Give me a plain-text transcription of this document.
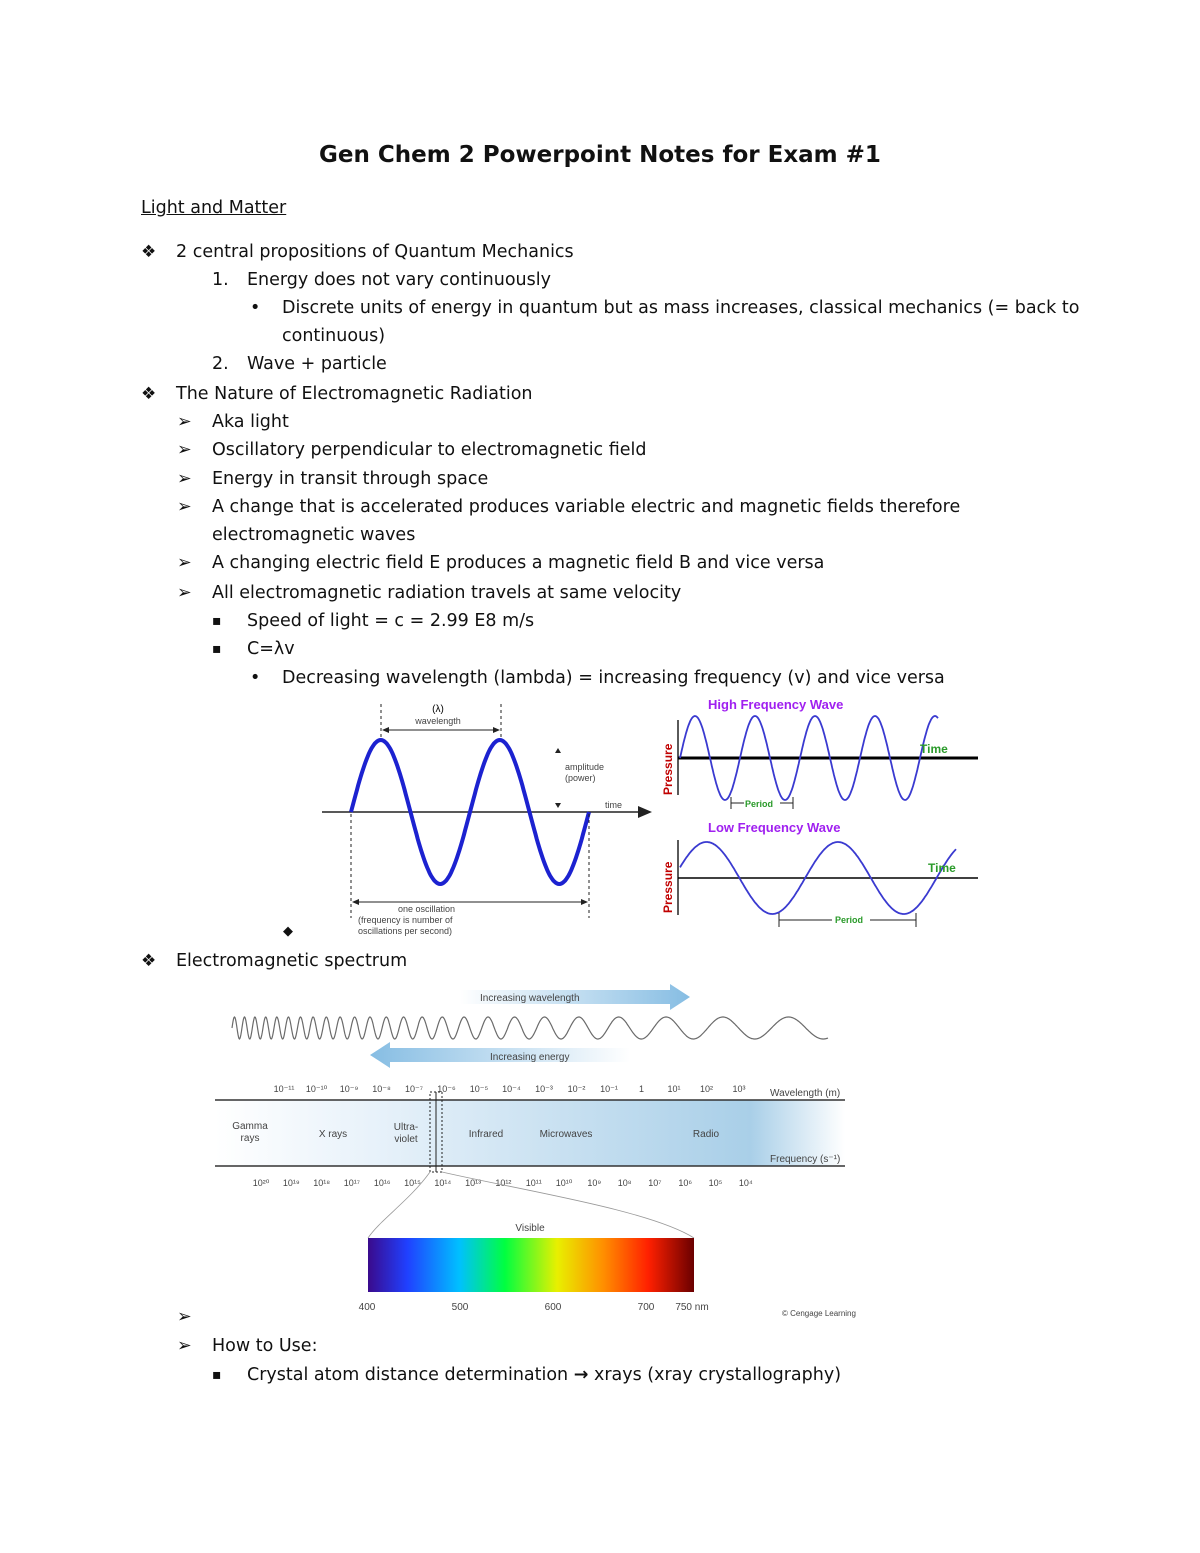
Gen Chem 2 Powerpoint Notes for Exam #1
Light and Matter
❖ 2 central propositions of Quantum Mechanics
1. Energy does not vary continuously
• Discrete units of energy in quantum but as mass increases, classical mechanics (= back to
continuous)
2. Wave + particle
❖ The Nature of Electromagnetic Radiation
➢ Aka light
➢ Oscillatory perpendicular to electromagnetic field
➢ Energy in transit through space
➢ A change that is accelerated produces variable electric and magnetic fields therefore
electromagnetic waves
➢ A changing electric field E produces a magnetic field B and vice versa
➢ All electromagnetic radiation travels at same velocity
▪ Speed of light = c = 2.99 E8 m/s
▪ C=λv
• Decreasing wavelength (lambda) = increasing frequency (v) and vice versa
(λ)
wavelength
amplitude
(power)
time
one oscillation
(frequency is number of
oscillations per second)
◆
High Frequency Wave
Pressure	Time
Period
Low Frequency Wave
Pressure	Time
Period
❖ Electromagnetic spectrum
Increasing wavelength
Increasing energy
10⁻¹¹ 10⁻¹⁰ 10⁻⁹ 10⁻⁸ 10⁻⁷ 10⁻⁶ 10⁻⁵ 10⁻⁴ 10⁻³ 10⁻² 10⁻¹ 1	10¹ 10² 10³ Wavelength (m)
Gamma
rays	X rays
Ultra-
violet	Infrared	Microwaves	Radio
Frequency (s⁻¹)
10²⁰ 10¹⁹ 10¹⁸ 10¹⁷ 10¹⁶ 10¹⁵ 10¹⁴ 10¹³ 10¹² 10¹¹ 10¹⁰ 10⁹ 10⁸ 10⁷ 10⁶ 10⁵ 10⁴
Visible
400	500	600	700 750 nm
© Cengage Learning
➢
➢ How to Use:
▪ Crystal atom distance determination → xrays (xray crystallography)
